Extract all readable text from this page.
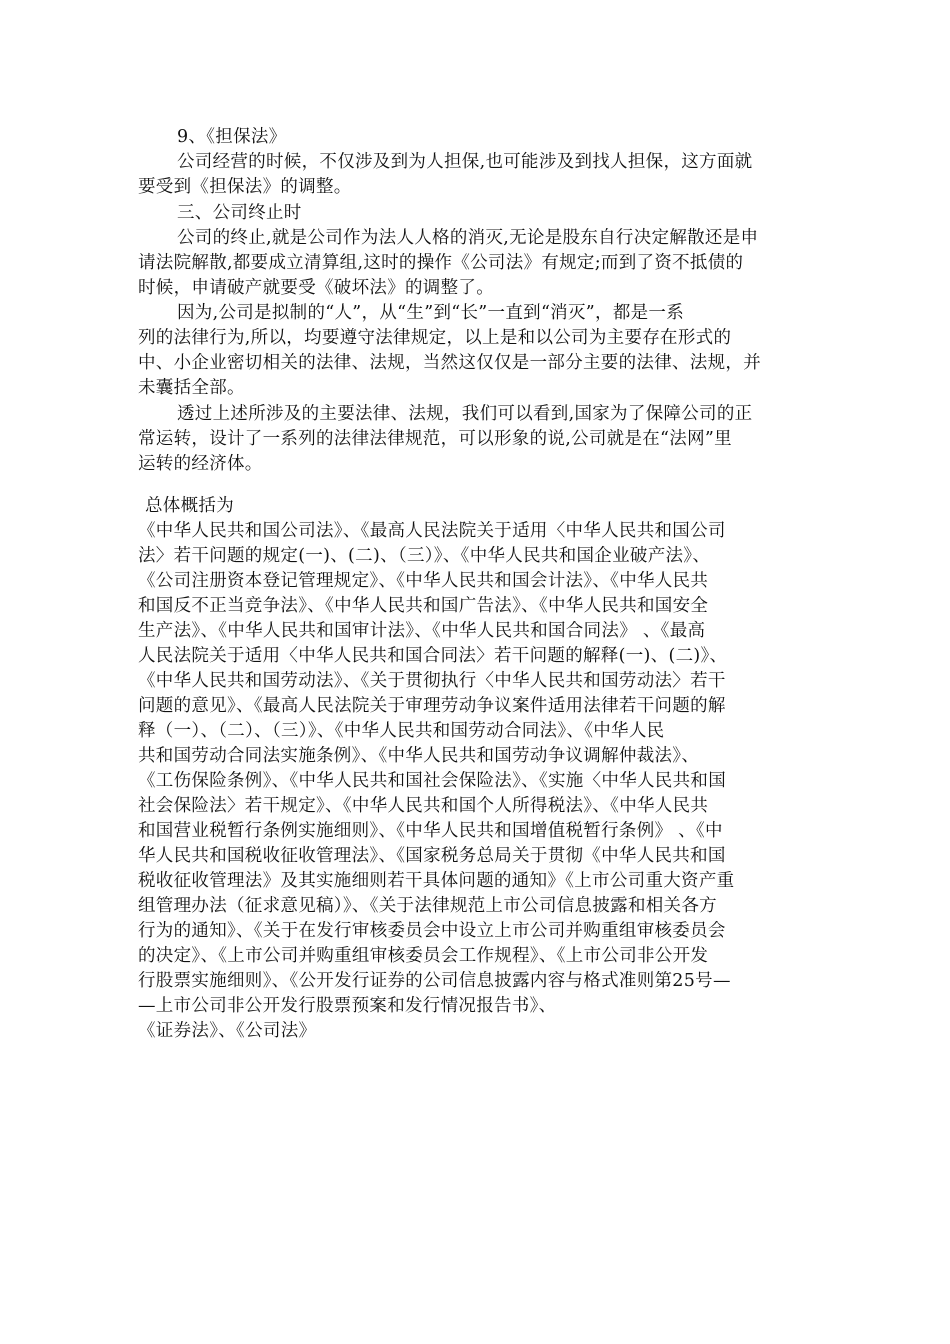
9、《担保法》
公司经营的时候，不仅涉及到为人担保,也可能涉及到找人担保，这方面就
要受到《担保法》的调整。
三、公司终止时
公司的终止,就是公司作为法人人格的消灭,无论是股东自行决定解散还是申
请法院解散,都要成立清算组,这时的操作《公司法》有规定;而到了资不抵债的
时候，申请破产就要受《破坏法》的调整了。
因为,公司是拟制的“人”，从“生”到“长”一直到“消灭”，都是一系
列的法律行为,所以，均要遵守法律规定，以上是和以公司为主要存在形式的
中、小企业密切相关的法律、法规，当然这仅仅是一部分主要的法律、法规，并
未囊括全部。
透过上述所涉及的主要法律、法规，我们可以看到,国家为了保障公司的正
常运转，设计了一系列的法律法律规范，可以形象的说,公司就是在“法网”里
运转的经济体。
总体概括为
《中华人民共和国公司法》、《最高人民法院关于适用〈中华人民共和国公司
法〉若干问题的规定(一)、(二)、（三）》、《中华人民共和国企业破产法》、
《公司注册资本登记管理规定》、《中华人民共和国会计法》、《中华人民共
和国反不正当竞争法》、《中华人民共和国广告法》、《中华人民共和国安全
生产法》、《中华人民共和国审计法》、《中华人民共和国合同法》 、《最高
人民法院关于适用〈中华人民共和国合同法〉若干问题的解释(一)、(二)》、
《中华人民共和国劳动法》、《关于贯彻执行〈中华人民共和国劳动法〉若干
问题的意见》、《最高人民法院关于审理劳动争议案件适用法律若干问题的解
释（一）、（二）、（三）》、《中华人民共和国劳动合同法》、《中华人民
共和国劳动合同法实施条例》、《中华人民共和国劳动争议调解仲裁法》、
《工伤保险条例》、《中华人民共和国社会保险法》、《实施〈中华人民共和国
社会保险法〉若干规定》、《中华人民共和国个人所得税法》、《中华人民共
和国营业税暂行条例实施细则》、《中华人民共和国增值税暂行条例》 、《中
华人民共和国税收征收管理法》、《国家税务总局关于贯彻《中华人民共和国
税收征收管理法》及其实施细则若干具体问题的通知》《上市公司重大资产重
组管理办法（征求意见稿）》、《关于法律规范上市公司信息披露和相关各方
行为的通知》、《关于在发行审核委员会中设立上市公司并购重组审核委员会
的决定》、《上市公司并购重组审核委员会工作规程》、《上市公司非公开发
行股票实施细则》、《公开发行证券的公司信息披露内容与格式准则第25号—
—上市公司非公开发行股票预案和发行情况报告书》、
《证券法》、《公司法》
